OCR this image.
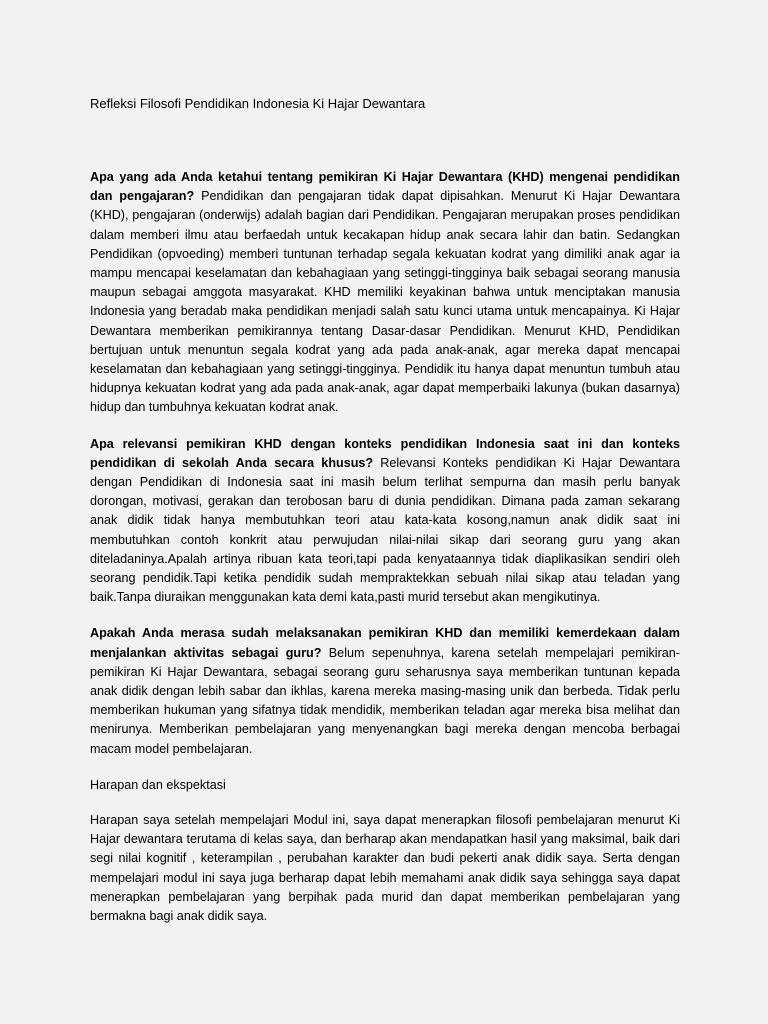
Refleksi Filosofi Pendidikan Indonesia Ki Hajar Dewantara

Apa yang ada Anda ketahui tentang pemikiran Ki Hajar Dewantara (KHD) mengenai pendidikan dan pengajaran? Pendidikan dan pengajaran tidak dapat dipisahkan. Menurut Ki Hajar Dewantara (KHD), pengajaran (onderwijs) adalah bagian dari Pendidikan. Pengajaran merupakan proses pendidikan dalam memberi ilmu atau berfaedah untuk kecakapan hidup anak secara lahir dan batin. Sedangkan Pendidikan (opvoeding) memberi tuntunan terhadap segala kekuatan kodrat yang dimiliki anak agar ia mampu mencapai keselamatan dan kebahagiaan yang setinggi-tingginya baik sebagai seorang manusia maupun sebagai amggota masyarakat. KHD memiliki keyakinan bahwa untuk menciptakan manusia Indonesia yang beradab maka pendidikan menjadi salah satu kunci utama untuk mencapainya. Ki Hajar Dewantara memberikan pemikirannya tentang Dasar-dasar Pendidikan. Menurut KHD, Pendidikan bertujuan untuk menuntun segala kodrat yang ada pada anak-anak, agar mereka dapat mencapai keselamatan dan kebahagiaan yang setinggi-tingginya. Pendidik itu hanya dapat menuntun tumbuh atau hidupnya kekuatan kodrat yang ada pada anak-anak, agar dapat memperbaiki lakunya (bukan dasarnya) hidup dan tumbuhnya kekuatan kodrat anak.

Apa relevansi pemikiran KHD dengan konteks pendidikan Indonesia saat ini dan konteks pendidikan di sekolah Anda secara khusus? Relevansi Konteks pendidikan Ki Hajar Dewantara dengan Pendidikan di Indonesia saat ini masih belum terlihat sempurna dan masih perlu banyak dorongan, motivasi, gerakan dan terobosan baru di dunia pendidikan. Dimana pada zaman sekarang anak didik tidak hanya membutuhkan teori atau kata-kata kosong,namun anak didik saat ini membutuhkan contoh konkrit atau perwujudan nilai-nilai sikap dari seorang guru yang akan diteladaninya.Apalah artinya ribuan kata teori,tapi pada kenyataannya tidak diaplikasikan sendiri oleh seorang pendidik.Tapi ketika pendidik sudah mempraktekkan sebuah nilai sikap atau teladan yang baik.Tanpa diuraikan menggunakan kata demi kata,pasti murid tersebut akan mengikutinya.

Apakah Anda merasa sudah melaksanakan pemikiran KHD dan memiliki kemerdekaan dalam menjalankan aktivitas sebagai guru? Belum sepenuhnya, karena setelah mempelajari pemikiran-pemikiran Ki Hajar Dewantara, sebagai seorang guru seharusnya saya memberikan tuntunan kepada anak didik dengan lebih sabar dan ikhlas, karena mereka masing-masing unik dan berbeda. Tidak perlu memberikan hukuman yang sifatnya tidak mendidik, memberikan teladan agar mereka bisa melihat dan menirunya. Memberikan pembelajaran yang menyenangkan bagi mereka dengan mencoba berbagai macam model pembelajaran.

Harapan dan ekspektasi

Harapan saya setelah mempelajari Modul ini, saya dapat menerapkan filosofi pembelajaran menurut Ki Hajar dewantara terutama di kelas saya, dan berharap akan mendapatkan hasil yang maksimal, baik dari segi nilai kognitif , keterampilan , perubahan karakter dan budi pekerti anak didik saya. Serta dengan mempelajari modul ini saya juga berharap dapat lebih memahami anak didik saya sehingga saya dapat menerapkan pembelajaran yang berpihak pada murid dan dapat memberikan pembelajaran yang bermakna bagi anak didik saya.
